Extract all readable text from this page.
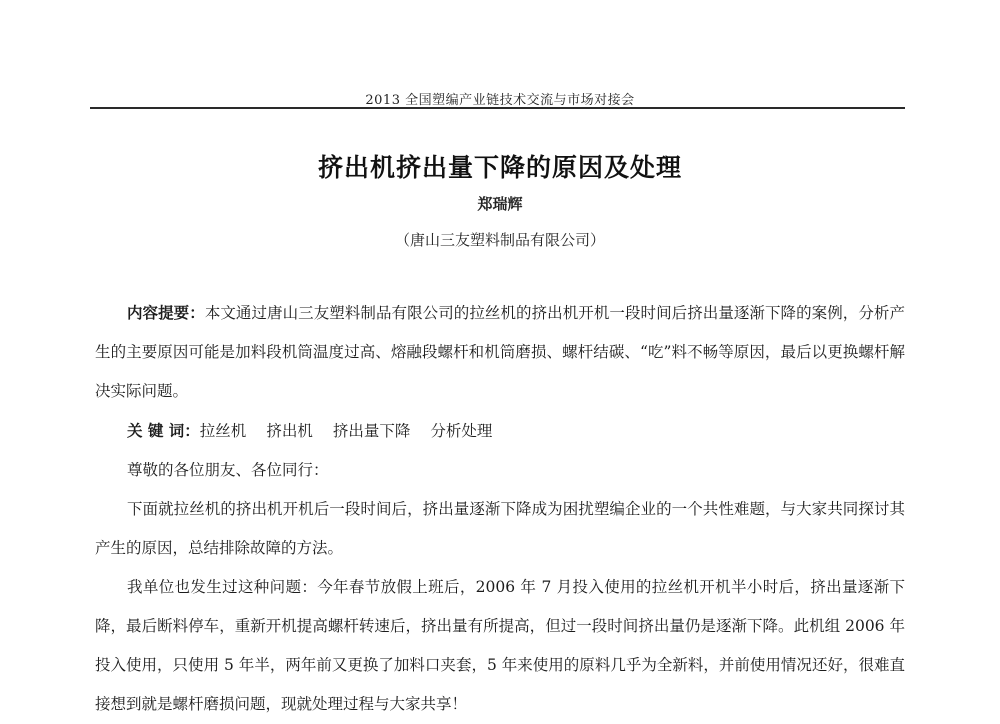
2013 全国塑编产业链技术交流与市场对接会
挤出机挤出量下降的原因及处理
郑瑞辉
（唐山三友塑料制品有限公司）

内容提要：本文通过唐山三友塑料制品有限公司的拉丝机的挤出机开机一段时间后挤出量逐渐下降的案例，分析产生的主要原因可能是加料段机筒温度过高、熔融段螺杆和机筒磨损、螺杆结碳、“吃”料不畅等原因，最后以更换螺杆解决实际问题。

关 键 词：拉丝机 挤出机 挤出量下降 分析处理

尊敬的各位朋友、各位同行：

下面就拉丝机的挤出机开机后一段时间后，挤出量逐渐下降成为困扰塑编企业的一个共性难题，与大家共同探讨其产生的原因，总结排除故障的方法。

我单位也发生过这种问题：今年春节放假上班后，2006 年 7 月投入使用的拉丝机开机半小时后，挤出量逐渐下降，最后断料停车，重新开机提高螺杆转速后，挤出量有所提高，但过一段时间挤出量仍是逐渐下降。此机组 2006 年投入使用，只使用 5 年半，两年前又更换了加料口夹套，5 年来使用的原料几乎为全新料，并前使用情况还好，很难直接想到就是螺杆磨损问题，现就处理过程与大家共享！
